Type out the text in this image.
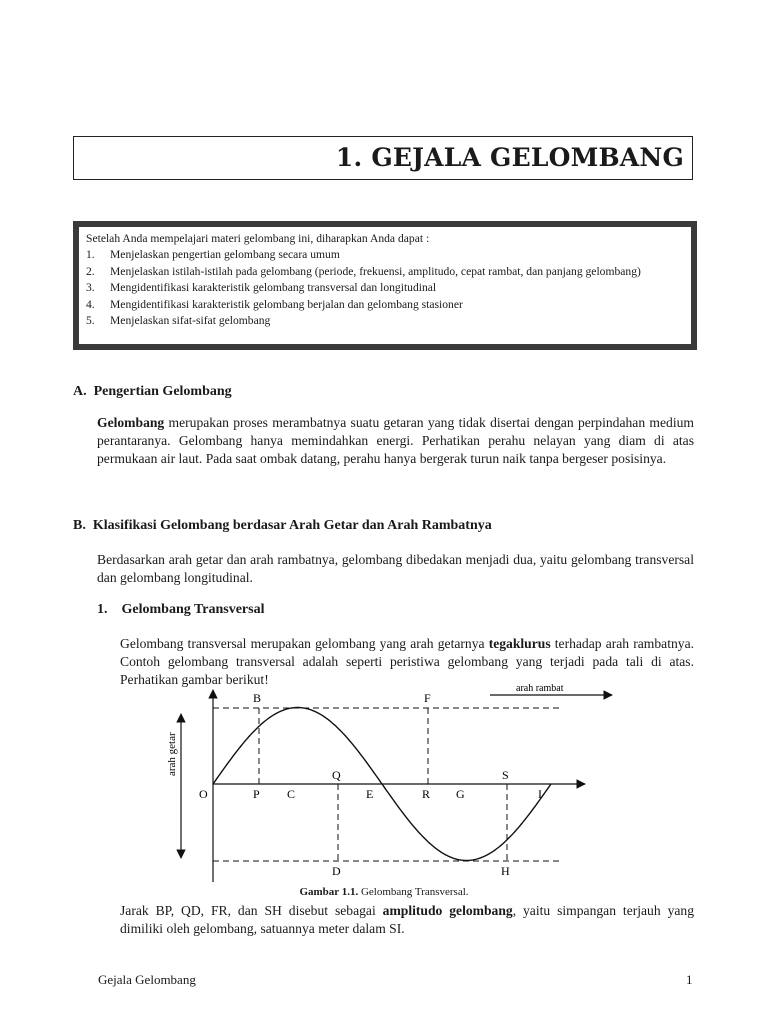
1. GEJALA GELOMBANG
Setelah Anda mempelajari materi gelombang ini, diharapkan Anda dapat :
1.	Menjelaskan pengertian gelombang secara umum
2.	Menjelaskan istilah-istilah pada gelombang (periode, frekuensi, amplitudo, cepat rambat, dan panjang gelombang)
3.	Mengidentifikasi karakteristik gelombang transversal dan longitudinal
4.	Mengidentifikasi karakteristik gelombang berjalan dan gelombang stasioner
5.	Menjelaskan sifat-sifat gelombang
A.  Pengertian Gelombang
Gelombang merupakan proses merambatnya suatu getaran yang tidak disertai dengan perpindahan medium perantaranya. Gelombang hanya memindahkan energi. Perhatikan perahu nelayan yang diam di atas permukaan air laut. Pada saat ombak datang, perahu hanya bergerak turun naik tanpa bergeser posisinya.
B.  Klasifikasi Gelombang berdasar Arah Getar dan Arah Rambatnya
Berdasarkan arah getar dan arah rambatnya, gelombang dibedakan menjadi dua, yaitu gelombang transversal dan gelombang longitudinal.
1.    Gelombang Transversal
Gelombang transversal merupakan gelombang yang arah getarnya tegaklurus terhadap arah rambatnya. Contoh gelombang transversal adalah seperti peristiwa gelombang yang terjadi pada tali di atas. Perhatikan gambar berikut!
arah rambat
arah getar
B	F
Q	S
O	P C	E	R G	I
D	H
Gambar 1.1. Gelombang Transversal.
Jarak BP, QD, FR, dan SH disebut sebagai amplitudo gelombang, yaitu simpangan terjauh yang dimiliki oleh gelombang, satuannya meter dalam SI.
Gejala Gelombang	1
